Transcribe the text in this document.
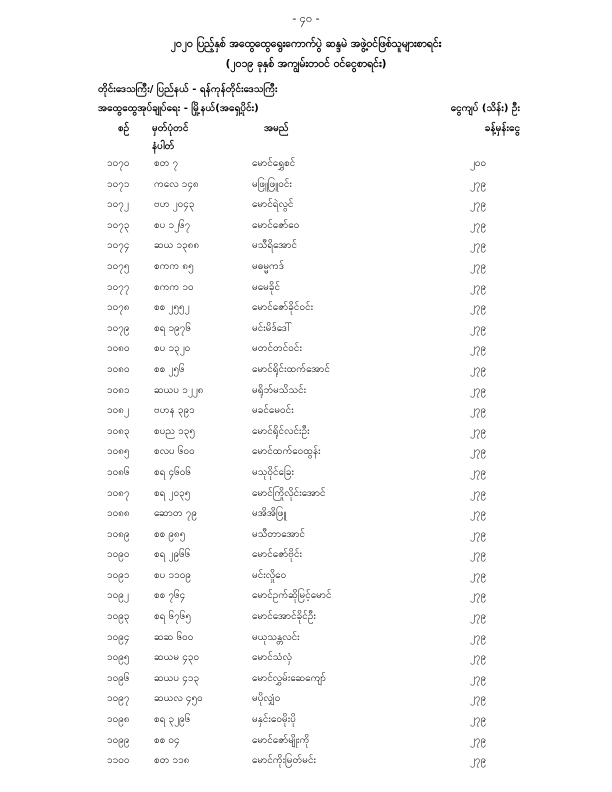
- ၄၀ -
၂၀၂၀ ပြည့်နှစ် အထွေထွေရွေးကောက်ပွဲ ဆန္ဒမဲ အဖွဲ့ဝင်ဖြစ်သူများစာရင်း
(၂၀၁၉ ခုနှစ် အကျွမ်းတဝင် ဝင်ငွေစာရင်း)
တိုင်းဒေသကြီး/ ပြည်နယ် - ရန်ကုန်တိုင်းဒေသကြီး
အထွေထွေအုပ်ချုပ်ရေး - မြို့နယ်(အရှေ့ပိုင်း)	ငွေကျပ် (သိန်း) ဦး
ခန့်မှန်းငွေ
စဉ် မှတ်ပုံတင်
နံပါတ်
အမည်
၁၀၇၀ စတ ၇	မောင်ရွှေစင်	၂၀၀
၁၀၇၁ ကလေ ၁၄၈	မဖြူဖြူဝင်း	၂၇၉
၁၀၇၂	ဗဟ ၂၀၄၃	မောင်ရဲလွင်	၂၇၉
၁၀၇၃ စပ ၁၂၆၇	မောင်ဇော်ဝေ	၂၇၉
၁၀၇၄ ဆယ ၁၃၈၈	မသီရိအောင်	၂၇၉
၁၀၇၅ စကက ၈၅	မဓမ္မကဒ်	၂၇၉
၁၀၇၇ စကက ၁၀	မမေခိုင်	၂၇၉
၁၀၇၈ စစ ၂၅၅၂	မောင်ဇော်ခိုင်ဝင်း	၂၇၉
၁၀၇၉ စရ ၁၉၇၆	မင်းမိဒ်ဒေါ်	၂၇၉
၁၀၈၀ စပ ၁၃၂၀	မတင်တင်ဝင်း	၂၇၉
၁၀၈၀ စစ ၂၅၆	မောင်ရိုင်းထက်အောင်	၂၇၉
၁၀၈၁ ဆယပ ၁၂၂၈	မရိုဘ်မသိသင်း	၂၇၉
၁၀၈၂	ဗဟန ၃၉၁	မခင်မေဝင်း	၂၇၉
၁၀၈၃ စပည ၁၃၅	မောင်ရိုင်လင်းဦး	၂၇၉
၁၀၈၅ စလပ ၆၀၀	မောင်ထက်ဝေထွန်း	၂၇၉
၁၀၈၆ စရ ၄၆၀၆	မသုဝိုင်ခြေး	၂၇၉
၁၀၈၇ စရ ၂၀၃၅	မောင်ကြိုလိုင်းအောင်	၂၇၉
၁၀၈၈ ဆောတ ၇၉	မအိအိဖြူ	၂၇၉
၁၀၈၉ စစ ၉၈၅	မသီတာအောင်	၂၇၉
၁၀၉၀ စရ ၂၉၆၆	မောင်ဇော်ဗိုင်း	၂၇၉
၁၀၉၁ စပ ၁၁၀၉	မင်းလှိုဝေ	၂၇၉
၁၀၉၂	စစ ၇၆၄	မောင်ဥက်ဆိုမြင့်မောင်	၂၇၉
၁၀၉၃ စရ ၆၇၆၅	မောင်အောင်ခိုင်ဦး	၂၇၉
၁၀၉၄ ဆဆ ၆၀၀	မယုသန္တလင်း	၂၇၉
၁၀၉၅ ဆယမ ၄၃၀	မောင်သံလှံ	၂၇၉
၁၀၉၆ ဆယပ ၄၁၃	မောင်လွှမ်းဆေကျော်	၂၇၉
၁၀၉၇ ဆယလ ၄၅၀	မပိုလျှံ၀	၂၇၉
၁၀၉၈ စရ ၃၂၉၆	မနှင်းဝေမိုးပို	၂၇၉
၁၀၉၉ စစ ၀၄	မောင်ဇော်မျိုးကို	၂၇၉
၁၁၀၀ စတ ၁၁၈	မောင်ကိုးမြတ်မင်း	၂၇၉
